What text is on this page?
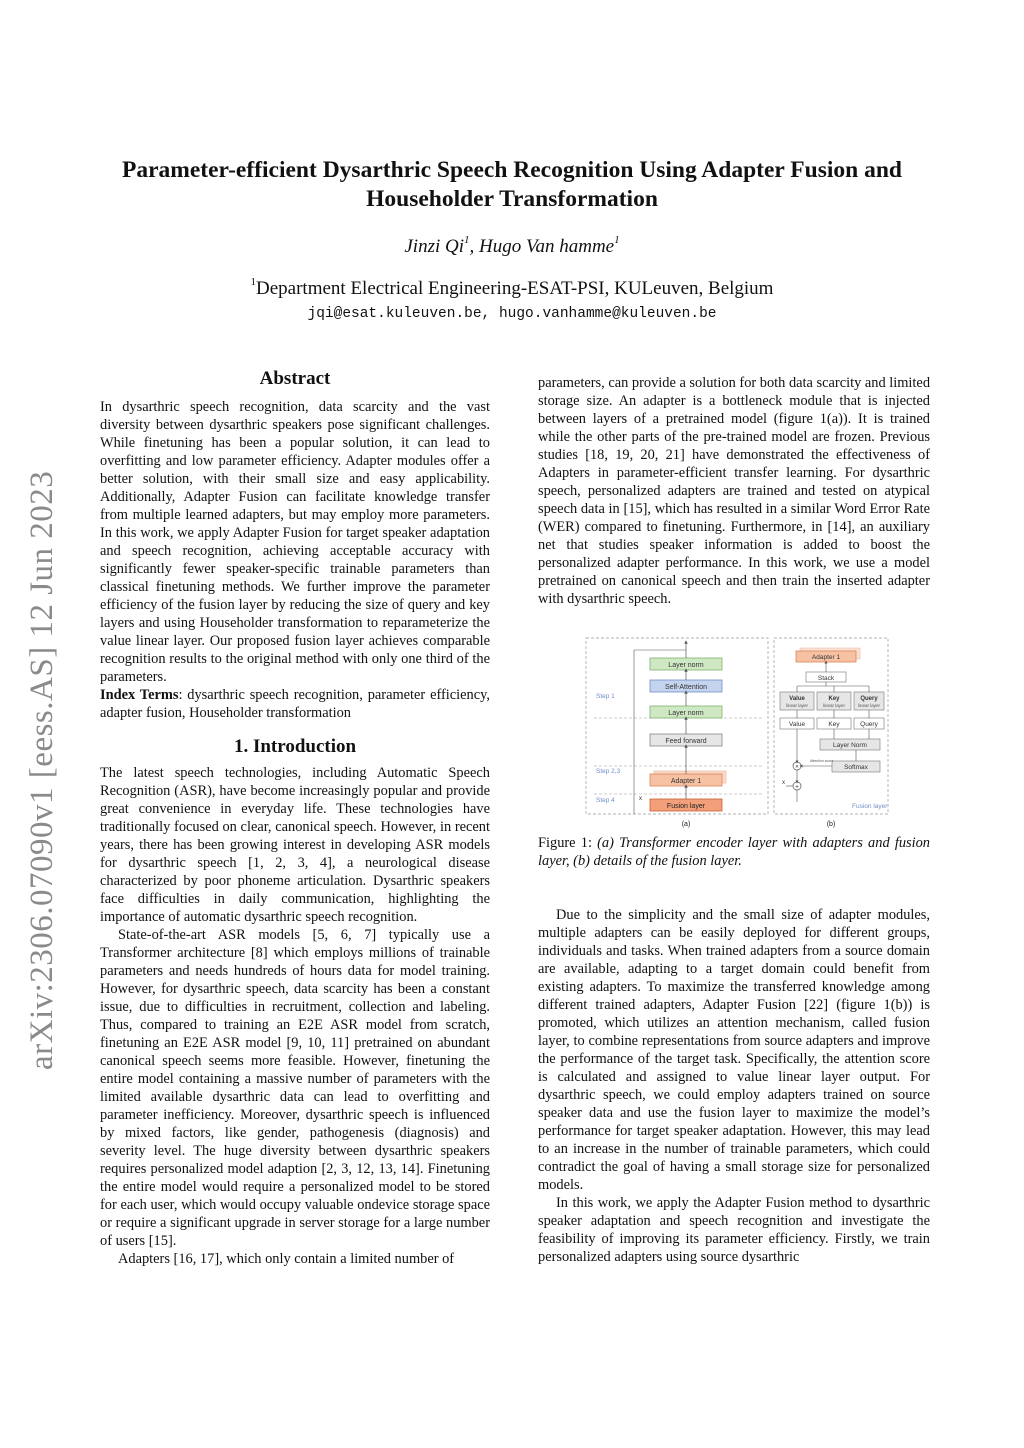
arXiv:2306.07090v1 [eess.AS] 12 Jun 2023
Parameter-efficient Dysarthric Speech Recognition Using Adapter Fusion and Householder Transformation
Jinzi Qi$^1$, Hugo Van hamme$^1$
$^1$Department Electrical Engineering-ESAT-PSI, KULeuven, Belgium
jqi@esat.kuleuven.be, hugo.vanhamme@kuleuven.be
Abstract

In dysarthric speech recognition, data scarcity and the vast diversity between dysarthric speakers pose significant challenges. While finetuning has been a popular solution, it can lead to overfitting and low parameter efficiency. Adapter modules offer a better solution, with their small size and easy applicability. Additionally, Adapter Fusion can facilitate knowledge transfer from multiple learned adapters, but may employ more parameters. In this work, we apply Adapter Fusion for target speaker adaptation and speech recognition, achieving acceptable accuracy with significantly fewer speaker-specific trainable parameters than classical finetuning methods. We further improve the parameter efficiency of the fusion layer by reducing the size of query and key layers and using Householder transformation to reparameterize the value linear layer. Our proposed fusion layer achieves comparable recognition results to the original method with only one third of the parameters.

Index Terms: dysarthric speech recognition, parameter efficiency, adapter fusion, Householder transformation

1. Introduction

The latest speech technologies, including Automatic Speech Recognition (ASR), have become increasingly popular and provide great convenience in everyday life. These technologies have traditionally focused on clear, canonical speech. However, in recent years, there has been growing interest in developing ASR models for dysarthric speech [1, 2, 3, 4], a neurological disease characterized by poor phoneme articulation. Dysarthric speakers face difficulties in daily communication, highlighting the importance of automatic dysarthric speech recognition.

State-of-the-art ASR models [5, 6, 7] typically use a Transformer architecture [8] which employs millions of trainable parameters and needs hundreds of hours data for model training. However, for dysarthric speech, data scarcity has been a constant issue, due to difficulties in recruitment, collection and labeling. Thus, compared to training an E2E ASR model from scratch, finetuning an E2E ASR model [9, 10, 11] pretrained on abundant canonical speech seems more feasible. However, finetuning the entire model containing a massive number of parameters with the limited available dysarthric data can lead to overfitting and parameter inefficiency. Moreover, dysarthric speech is influenced by mixed factors, like gender, pathogenesis (diagnosis) and severity level. The huge diversity between dysarthric speakers requires personalized model adaption [2, 3, 12, 13, 14]. Finetuning the entire model would require a personalized model to be stored for each user, which would occupy valuable ondevice storage space or require a significant upgrade in server storage for a large number of users [15].

Adapters [16, 17], which only contain a limited number of

parameters, can provide a solution for both data scarcity and limited storage size. An adapter is a bottleneck module that is injected between layers of a pretrained model (figure 1(a)). It is trained while the other parts of the pre-trained model are frozen. Previous studies [18, 19, 20, 21] have demonstrated the effectiveness of Adapters in parameter-efficient transfer learning. For dysarthric speech, personalized adapters are trained and tested on atypical speech data in [15], which has resulted in a similar Word Error Rate (WER) compared to finetuning. Furthermore, in [14], an auxiliary net that studies speaker information is added to boost the personalized adapter performance. In this work, we use a model pretrained on canonical speech and then train the inserted adapter with dysarthric speech.

Layer norm
Self-Attention
Layer norm
Feed forward
Adapter 1
Fusion layer
Step 1
Step 2,3
Step 4	x
(a)
Adapter 1
Stack
Value
linear layer
Key
linear layer
Query
linear layer
Value	Key	Query
Layer Norm
Softmax
×
+
Attention score
x
Fusion layer
(b)

Figure 1: (a) Transformer encoder layer with adapters and fusion layer, (b) details of the fusion layer.

Due to the simplicity and the small size of adapter modules, multiple adapters can be easily deployed for different groups, individuals and tasks. When trained adapters from a source domain are available, adapting to a target domain could benefit from existing adapters. To maximize the transferred knowledge among different trained adapters, Adapter Fusion [22] (figure 1(b)) is promoted, which utilizes an attention mechanism, called fusion layer, to combine representations from source adapters and improve the performance of the target task. Specifically, the attention score is calculated and assigned to value linear layer output. For dysarthric speech, we could employ adapters trained on source speaker data and use the fusion layer to maximize the model’s performance for target speaker adaptation. However, this may lead to an increase in the number of trainable parameters, which could contradict the goal of having a small storage size for personalized models.

In this work, we apply the Adapter Fusion method to dysarthric speaker adaptation and speech recognition and investigate the feasibility of improving its parameter efficiency. Firstly, we train personalized adapters using source dysarthric
